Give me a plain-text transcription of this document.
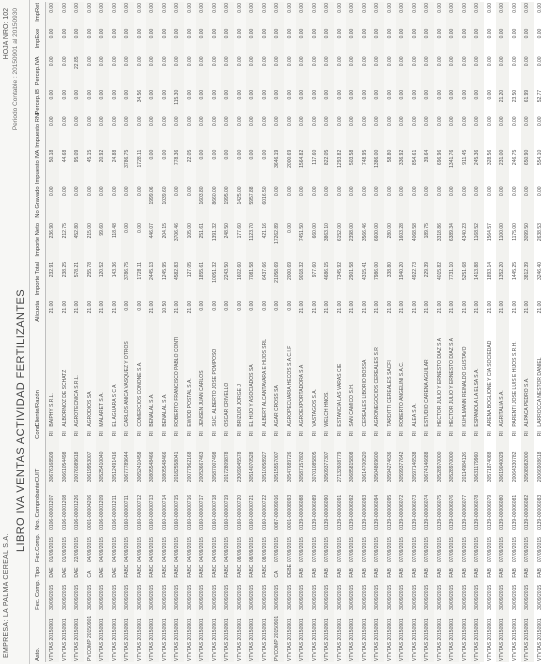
EMPRESA: LA PALMA CEREAL S.A.
HOJA NRO: 102
LIBRO IVA VENTAS ACTIVIDAD FERTILIZANTES
Periodo Contable : 20150901 al 20150930
Asto.	Fec. Comp.	Tipo	Fec.Comp.	Nro. Comprobante	CUIT	Cond	Cliente/Razón	Alícuota	Importe Total	Importe Neto	No Gravado	Impuesto IVA	Impuesto RNI	Percep.IB	Percep.IVA	ImpExe	ImpRet
VTVTAS 20150901	30/09/2015	DAE	01/09/2015	0106-00001207	30676168509	RI	BAIPHY S.R.L.	21.00	232.91	236.90	0.00	50.18	0.00	0.00	0.00	0.00	0.00
VTVTAS 20150901	30/09/2015	DAE	01/09/2015	0106-00001208	30661054498	RI	ALBORNOZ DE SCHATZ	21.00	238.25	212.75	0.00	44.68	0.00	0.00	0.00	0.00	0.00
VTVTAS 20150901	30/09/2015	DAE	22/09/2015	0106-00001226	20076089618	RI	AGROTECNICA S.R.L.	21.00	578.21	452.80	0.00	95.09	0.00	0.00	22.85	0.00	0.00
PVCOMP 20150901	30/09/2015	CA	04/09/2015	0001-00004206	30619953007	RI	AGRODIOS SA	21.00	255.78	215.00	0.00	45.15	0.00	0.00	0.00	0.00	0.00
VTVTAS 20150901	30/09/2015	DAE	04/09/2015	0106-00001209	30525410040	RI	MALARET S.A.	21.00	120.52	99.60	0.00	20.92	0.00	0.00	0.00	0.00	0.00
VTVTAS 20150901	30/09/2015	DAE	04/09/2015	0106-00001211	30512491416	RI	EL AGUARA S C A	21.00	143.36	118.48	0.00	24.88	0.00	0.00	0.00	0.00	0.00
VTVTAS 20150901	30/09/2015	FABC	04/09/2015	0160-00000711	30677789644	RI	CARLOS ANICA VASQUEZ Y OTROS	0.00	3786.75	0.00	0.00	3786.75	0.00	0.00	0.00	0.00	0.00
VTVTAS 20150901	30/09/2015	FABC	04/09/2015	0160-00000712	30652410458	RI	COMERCIOS CONONE S.A.	0.00	1728.11	0.00	0.00	1728.11	0.00	34.56	0.00	0.00	0.00
VTVTAS 20150901	30/09/2015	FABC	04/09/2015	0160-00000713	30805548466	RI	BENALAL S.A.	21.00	2445.13	446.07	1999.06	0.00	0.00	0.00	0.00	0.00	0.00
VTVTAS 20150901	30/09/2015	FABC	04/09/2015	0160-00000714	30805548466	RI	BENALAL S.A.	10.50	1245.95	204.15	1039.60	0.00	0.00	0.00	0.00	0.00	0.00
VTVTAS 20150901	30/09/2015	FABC	04/09/2015	0160-00000715	20182558041	RI	ROBERTO FRANCISCO PABLO CONTI	21.00	4582.83	3706.46	0.00	778.36	0.00	115.30	0.00	0.00	0.00
VTVTAS 20150901	30/09/2015	FABC	04/09/2015	0160-00000716	20077962168	RI	EWIOD POSTAL S.A.	21.00	127.05	105.00	0.00	22.05	0.00	0.00	0.00	0.00	0.00
VTVTAS 20150901	30/09/2015	FABC	04/09/2015	0160-00000717	20053667463	RI	JENSEN JUAN CARLOS	0.00	1855.61	251.61	1603.80	0.00	0.00	0.00	0.00	0.00	0.00
VTVTAS 20150901	30/09/2015	FABC	04/09/2015	0160-00000718	30587007498	RI	SUC. ALBERTO JOSE POMPOSO	0.00	10051.32	1391.32	8660.00	0.00	0.00	0.00	0.00	0.00	0.00
VTVTAS 20150901	30/09/2015	FABC	04/09/2015	0160-00000719	20172809878	RI	OSCAR CRIVELLO	0.00	2243.50	248.50	1995.00	0.00	0.00	0.00	0.00	0.00	0.00
VTVTAS 20150901	30/09/2015	FABC	08/09/2015	0160-00000720	23069045578	RI	BRIZUDI JORGE J	0.00	1602.60	177.60	1425.00	0.00	0.00	0.00	0.00	0.00	0.00
VTVTAS 20150901	30/09/2015	FABC	08/09/2015	0160-00000721	30514070528	RI	EL HIJO Y ASOCIADOS SA	0.00	7081.58	1123.70	5957.88	0.00	0.00	0.00	0.00	0.00	0.00
VTVTAS 20150901	30/09/2015	FABC	08/09/2015	0160-00000722	30510058927	RI	ALBERT ALCANTAVARA E HIJOS SRL	0.00	6437.66	421.16	6016.50	0.00	0.00	0.00	0.00	0.00	0.00
PVCOMP 20150901	30/09/2015	CA	07/09/2015	0087-00009016	30515557007	RI	AGAR CROSS SA	0.00	21058.69	17262.89	0.00	3646.19	0.00	0.00	0.00	0.00	0.00
VTVTAS 20150901	30/09/2015	DEBE	07/09/2015	0001-00008093	30547689726	RI	AGROPECUARIA HECOS S.A.C.I.F	0.00	2000.69	0.00	0.00	2000.69	0.00	0.00	0.00	0.00	0.00
VTVTAS 20150901	30/09/2015	FAB	07/09/2015	0139-00006088	30587157802	RI	AGROEXPORTADORA S.A	21.00	9018.32	7451.50	0.00	1564.82	0.00	0.00	0.00	0.00	0.00
VTVTAS 20150901	30/09/2015	FAB	07/09/2015	0139-00006089	30701085805	RI	VASTAGOS S.A.	21.00	977.60	660.00	0.00	117.60	0.00	0.00	0.00	0.00	0.00
VTVTAS 20150901	30/09/2015	FAB	07/09/2015	0139-00006090	30509377307	RI	WELCH HNOS.	21.00	4686.15	3863.10	0.00	822.05	0.00	0.00	0.00	0.00	0.00
VTVTAS 20150901	30/09/2015	FAB	07/09/2015	0139-00006091	27132608779	RI	ESTANCIA LAS VARAS CIE	21.00	7345.92	6152.00	0.00	1293.82	0.00	0.00	0.00	0.00	0.00
VTVTAS 20150901	30/09/2015	FAB	07/09/2015	0139-00006092	30685815808	RI	SAN CAMICO S.H.	21.00	2901.58	2398.00	0.00	503.58	0.00	0.00	0.00	0.00	0.00
VTVTAS 20150901	30/09/2015	FAB	07/09/2015	0139-00006093	30614700520	RI	CEREALES LIBORIO BOSSA	21.00	4315.41	3566.46	0.00	748.95	0.00	0.00	0.00	0.00	0.00
VTVTAS 20150901	30/09/2015	FAB	07/09/2015	0139-00006094	30504869600	RI	AGRONEGOCIOS CEREALES S.R	21.00	7986.00	6600.00	0.00	1386.00	0.00	0.00	0.00	0.00	0.00
VTVTAS 20150901	30/09/2015	FAB	07/09/2015	0139-00006095	30594274636	RI	TARDITTI CEREALES SACFI	21.00	338.80	280.00	0.00	58.80	0.00	0.00	0.00	0.00	0.00
VTVTAS 20150901	30/09/2015	FAB	07/09/2015	0139-00006072	30599377642	RI	ROBERTO ANGELINI S.A.C.	21.00	1940.20	1603.28	0.00	336.92	0.00	0.00	0.00	0.00	0.00
VTVTAS 20150901	30/09/2015	FAB	07/09/2015	0139-00006073	30597146538	RI	ALEA S.A.	21.00	4922.73	4068.58	0.00	854.61	0.00	0.00	0.00	0.00	0.00
VTVTAS 20150901	30/09/2015	FAB	07/09/2015	0139-00006074	30674146688	RI	ESTUDIO CARENA AGUILAR	21.00	229.39	189.75	0.00	39.64	0.00	0.00	0.00	0.00	0.00
VTVTAS 20150901	30/09/2015	FAB	07/09/2015	0139-00006075	30528970000	RI	HECTOR JULIO Y ERNESTO DIAZ S A	21.00	4015.82	3318.86	0.00	696.96	0.00	0.00	0.00	0.00	0.00
VTVTAS 20150901	30/09/2015	FAB	07/09/2015	0139-00006076	30528970000	RI	HECTOR JULIO Y ERNESTO DIAZ S A	21.00	7731.10	6389.34	0.00	1341.76	0.00	0.00	0.00	0.00	0.00
VTVTAS 20150901	30/09/2015	FAB	07/09/2015	0139-00006077	20114984126	RI	KUHLMANN REINALDO GUSTAVO	21.00	5251.68	4340.23	0.00	911.45	0.00	0.00	0.00	0.00	0.00
VTVTAS 20150901	30/09/2015	FAB	07/09/2015	0139-00006078	30631179960	RI	ESPANOLA LA ELSA S.A.	21.00	1413.88	1168.52	0.00	245.36	0.00	0.00	0.00	0.00	0.00
VTVTAS 20150901	30/09/2015	FAB	07/09/2015	0139-00006079	30571874088	RI	ARENA BOGLIONE Y CIA SOCIEDAD	21.00	1893.14	1564.57	0.00	328.56	0.00	0.00	0.00	0.00	0.00
VTVTAS 20150901	30/09/2015	FAB	07/09/2015	0139-00006080	30619040029	RI	AGRITALIA S.A.	21.00	1352.20	1100.00	0.00	231.00	0.00	21.20	0.00	0.00	0.00
VTVTAS 20150901	30/09/2015	FAB	07/09/2015	0139-00006081	20064330782	RI	PARENTI JOSE LUIS E HIJOS S.R.H.	21.00	1445.25	1175.00	0.00	246.75	0.00	23.50	0.00	0.00	0.00
VTVTAS 20150901	30/09/2015	FAB	07/09/2015	0139-00006082	30508082000	RI	ALPACA PEDRO S.A.	21.00	3812.39	3099.50	0.00	650.90	0.00	61.99	0.00	0.00	0.00
VTVTAS 20150901	30/09/2015	FAB	07/09/2015	0139-00006083	20066908618	RI	LARROCCA NESTOR DANIEL	21.00	3246.40	2638.53	0.00	554.10	0.00	52.77	0.00	0.00	0.00
